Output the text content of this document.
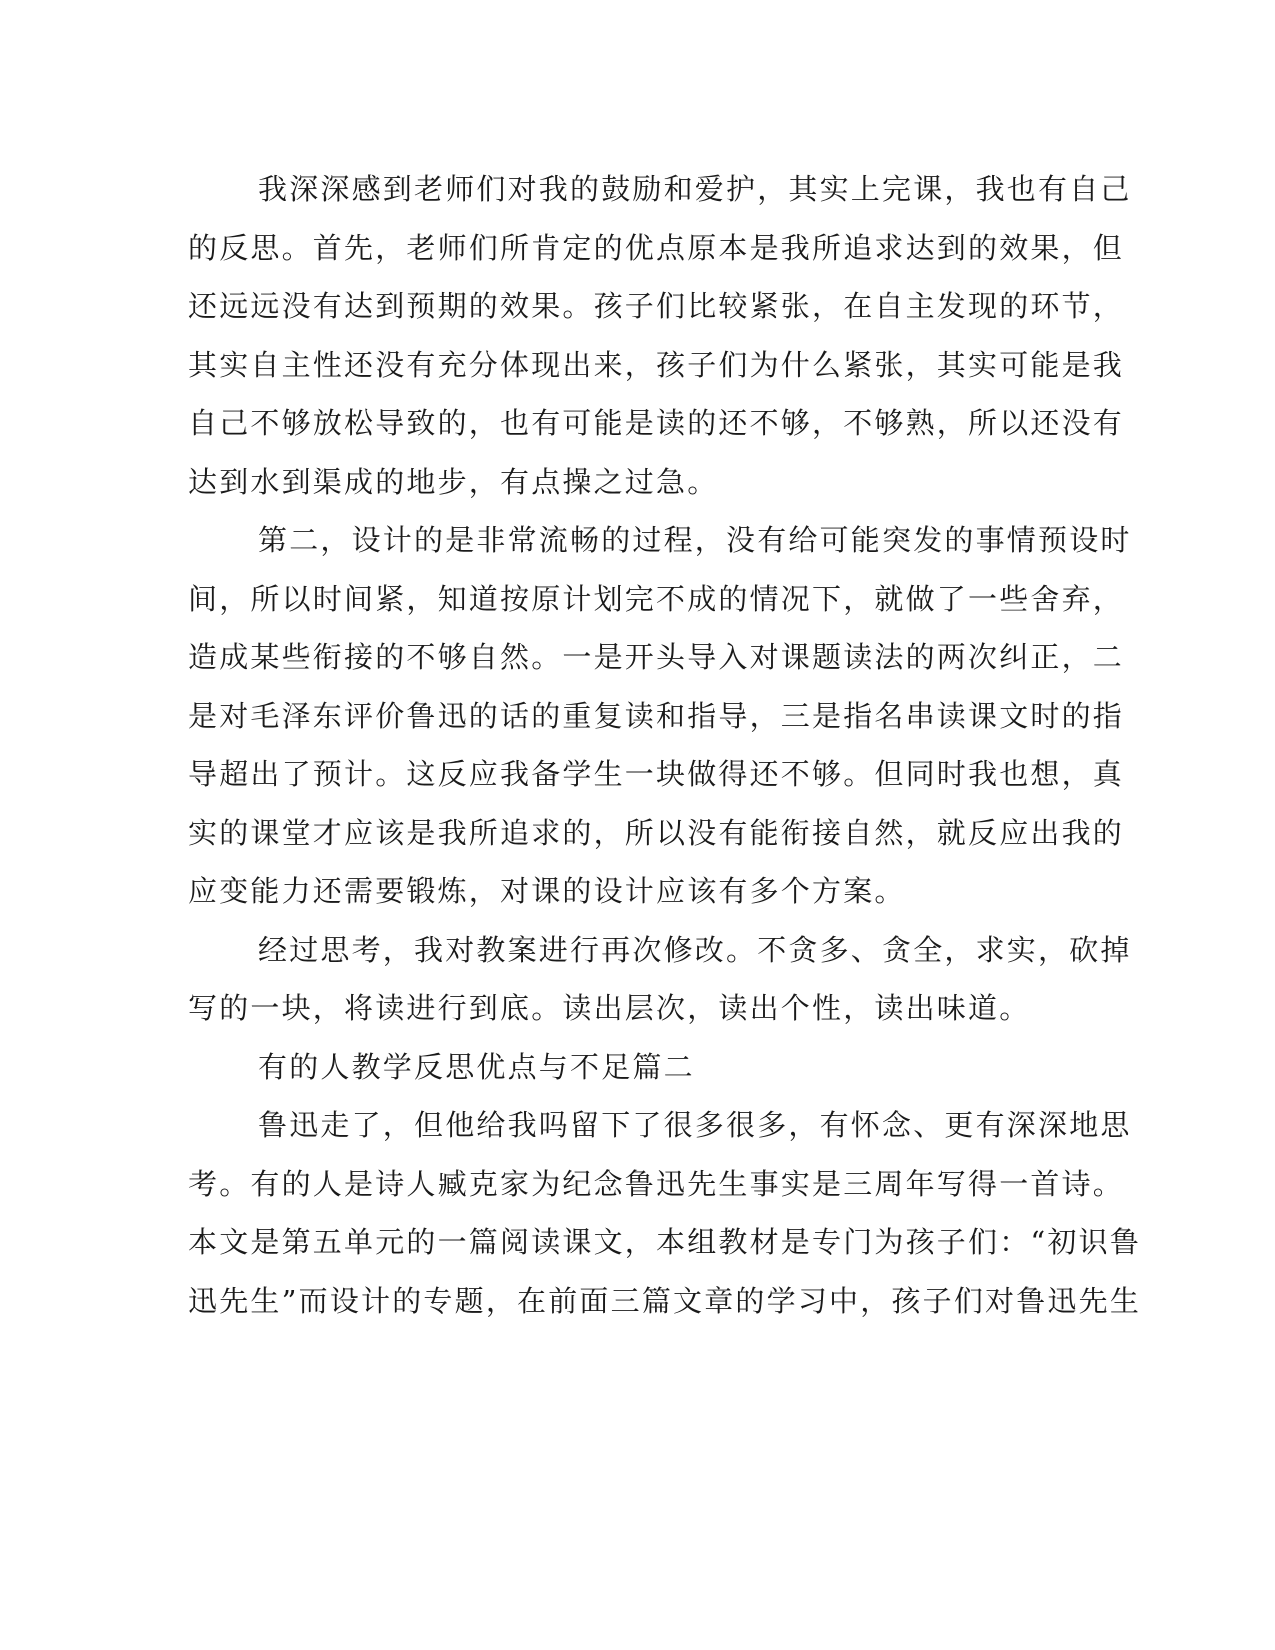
我深深感到老师们对我的鼓励和爱护，其实上完课，我也有自己
的反思。首先，老师们所肯定的优点原本是我所追求达到的效果，但
还远远没有达到预期的效果。孩子们比较紧张，在自主发现的环节，
其实自主性还没有充分体现出来，孩子们为什么紧张，其实可能是我
自己不够放松导致的，也有可能是读的还不够，不够熟，所以还没有
达到水到渠成的地步，有点操之过急。
第二，设计的是非常流畅的过程，没有给可能突发的事情预设时
间，所以时间紧，知道按原计划完不成的情况下，就做了一些舍弃，
造成某些衔接的不够自然。一是开头导入对课题读法的两次纠正，二
是对毛泽东评价鲁迅的话的重复读和指导，三是指名串读课文时的指
导超出了预计。这反应我备学生一块做得还不够。但同时我也想，真
实的课堂才应该是我所追求的，所以没有能衔接自然，就反应出我的
应变能力还需要锻炼，对课的设计应该有多个方案。
经过思考，我对教案进行再次修改。不贪多、贪全，求实，砍掉
写的一块，将读进行到底。读出层次，读出个性，读出味道。
有的人教学反思优点与不足篇二
鲁迅走了，但他给我吗留下了很多很多，有怀念、更有深深地思
考。有的人是诗人臧克家为纪念鲁迅先生事实是三周年写得一首诗。
本文是第五单元的一篇阅读课文，本组教材是专门为孩子们：“初识鲁
迅先生”而设计的专题，在前面三篇文章的学习中，孩子们对鲁迅先生
